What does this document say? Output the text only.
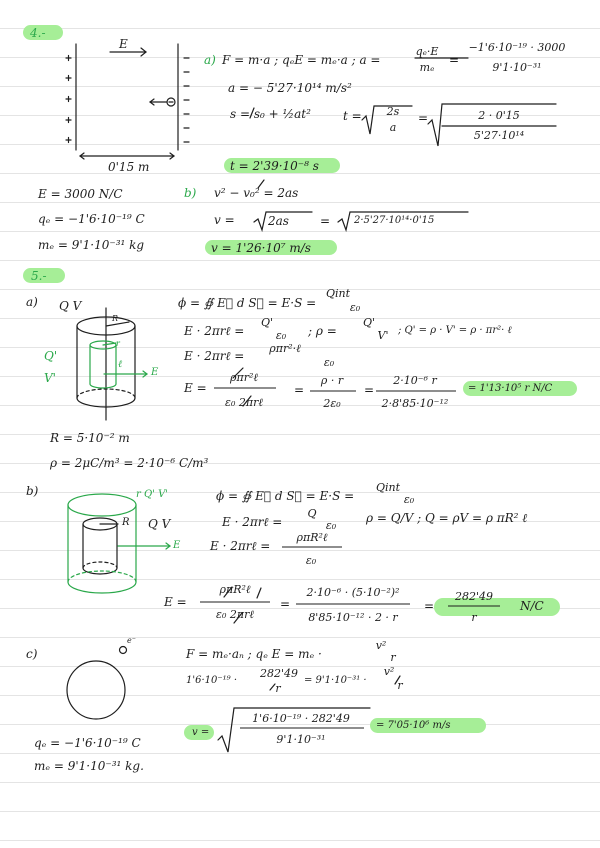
4.-
E
a) F = m·a ; qₑE = mₑ·a ; a =
qₑ·E
mₑ
=
−1'6·10⁻¹⁹ · 3000
9'1·10⁻³¹
a = − 5'27·10¹⁴ m/s²
s = s₀ + ½at²	t =	2s
a
=	2 · 0'15
5'27·10¹⁴
0'15 m	t = 2'39·10⁻⁸ s
E = 3000 N/C
qₑ = −1'6·10⁻¹⁹ C
mₑ = 9'1·10⁻³¹ kg
b) v² − v₀² = 2as
v =	2as	= 2·5'27·10¹⁴·0'15
v = 1'26·10⁷ m/s
5.-
a) Q V
R
r
ℓ
E
Q'
V'
ϕ = ∯ E⃗ d S⃗ = E·S =
Qint
ε₀
E · 2πrℓ =
Q'
ε₀	; ρ =
Q'
V' ; Q' = ρ · V' = ρ · πr²· ℓ
E · 2πrℓ =
ρπr²·ℓ
ε₀
E =
ρπr²ℓ
ε₀ 2πrℓ
=
ρ · r
2ε₀
=
2·10⁻⁶ r
2·8'85·10⁻¹²
= 1'13·10⁵ r N/C
R = 5·10⁻² m
ρ = 2μC/m³ = 2·10⁻⁶ C/m³
b)	r Q' V'
R Q V
E
ϕ = ∯ E⃗ d S⃗ = E·S =
Qint
ε₀
E · 2πrℓ =
Q
ε₀
ρ = Q/V ; Q = ρV = ρ πR² ℓ
E · 2πrℓ =
ρπR²ℓ
ε₀
E =
ρπR²ℓ
ε₀ 2πrℓ
=
2·10⁻⁶ · (5·10⁻²)²
8'85·10⁻¹² · 2 · r
=
282'49
r
N/C
c)
e⁻
F = mₑ·aₙ ; qₑ E = mₑ ·
v²
r
1'6·10⁻¹⁹ ·
282'49
r
= 9'1·10⁻³¹ ·
v²
r
v =
1'6·10⁻¹⁹ · 282'49
9'1·10⁻³¹
= 7'05·10⁶ m/s
qₑ = −1'6·10⁻¹⁹ C
mₑ = 9'1·10⁻³¹ kg.
